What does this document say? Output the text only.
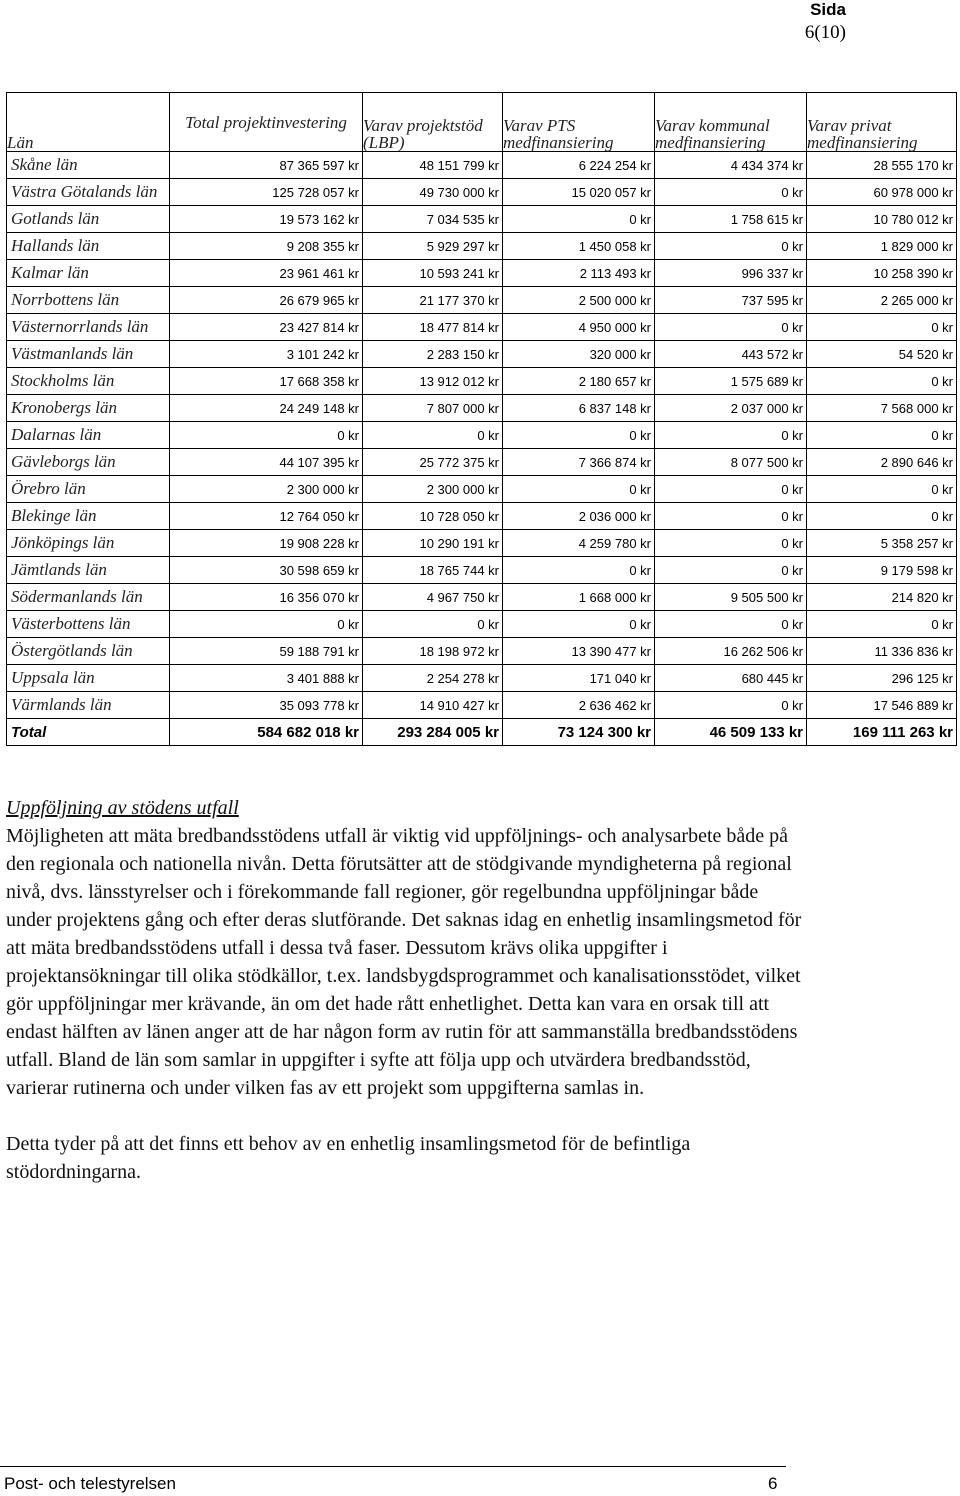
Sida
6(10)
Län	Total projektinvestering	Varav projektstöd (LBP)	Varav PTS medfinansiering	Varav kommunal medfinansiering	Varav privat medfinansiering
Skåne län	87 365 597 kr	48 151 799 kr	6 224 254 kr	4 434 374 kr	28 555 170 kr
Västra Götalands län	125 728 057 kr	49 730 000 kr	15 020 057 kr	0 kr	60 978 000 kr
Gotlands län	19 573 162 kr	7 034 535 kr	0 kr	1 758 615 kr	10 780 012 kr
Hallands län	9 208 355 kr	5 929 297 kr	1 450 058 kr	0 kr	1 829 000 kr
Kalmar län	23 961 461 kr	10 593 241 kr	2 113 493 kr	996 337 kr	10 258 390 kr
Norrbottens län	26 679 965 kr	21 177 370 kr	2 500 000 kr	737 595 kr	2 265 000 kr
Västernorrlands län	23 427 814 kr	18 477 814 kr	4 950 000 kr	0 kr	0 kr
Västmanlands län	3 101 242 kr	2 283 150 kr	320 000 kr	443 572 kr	54 520 kr
Stockholms län	17 668 358 kr	13 912 012 kr	2 180 657 kr	1 575 689 kr	0 kr
Kronobergs län	24 249 148 kr	7 807 000 kr	6 837 148 kr	2 037 000 kr	7 568 000 kr
Dalarnas län	0 kr	0 kr	0 kr	0 kr	0 kr
Gävleborgs län	44 107 395 kr	25 772 375 kr	7 366 874 kr	8 077 500 kr	2 890 646 kr
Örebro län	2 300 000 kr	2 300 000 kr	0 kr	0 kr	0 kr
Blekinge län	12 764 050 kr	10 728 050 kr	2 036 000 kr	0 kr	0 kr
Jönköpings län	19 908 228 kr	10 290 191 kr	4 259 780 kr	0 kr	5 358 257 kr
Jämtlands län	30 598 659 kr	18 765 744 kr	0 kr	0 kr	9 179 598 kr
Södermanlands län	16 356 070 kr	4 967 750 kr	1 668 000 kr	9 505 500 kr	214 820 kr
Västerbottens län	0 kr	0 kr	0 kr	0 kr	0 kr
Östergötlands län	59 188 791 kr	18 198 972 kr	13 390 477 kr	16 262 506 kr	11 336 836 kr
Uppsala län	3 401 888 kr	2 254 278 kr	171 040 kr	680 445 kr	296 125 kr
Värmlands län	35 093 778 kr	14 910 427 kr	2 636 462 kr	0 kr	17 546 889 kr
Total	584 682 018 kr	293 284 005 kr	73 124 300 kr	46 509 133 kr	169 111 263 kr
Uppföljning av stödens utfall

Möjligheten att mäta bredbandsstödens utfall är viktig vid uppföljnings- och analysarbete både på den regionala och nationella nivån. Detta förutsätter att de stödgivande myndigheterna på regional nivå, dvs. länsstyrelser och i förekommande fall regioner, gör regelbundna uppföljningar både under projektens gång och efter deras slutförande. Det saknas idag en enhetlig insamlingsmetod för att mäta bredbandsstödens utfall i dessa två faser. Dessutom krävs olika uppgifter i projektansökningar till olika stödkällor, t.ex. landsbygdsprogrammet och kanalisationsstödet, vilket gör uppföljningar mer krävande, än om det hade rått enhetlighet. Detta kan vara en orsak till att endast hälften av länen anger att de har någon form av rutin för att sammanställa bredbandsstödens utfall. Bland de län som samlar in uppgifter i syfte att följa upp och utvärdera bredbandsstöd, varierar rutinerna och under vilken fas av ett projekt som uppgifterna samlas in.

Detta tyder på att det finns ett behov av en enhetlig insamlingsmetod för de befintliga stödordningarna.

Post- och telestyrelsen	6
